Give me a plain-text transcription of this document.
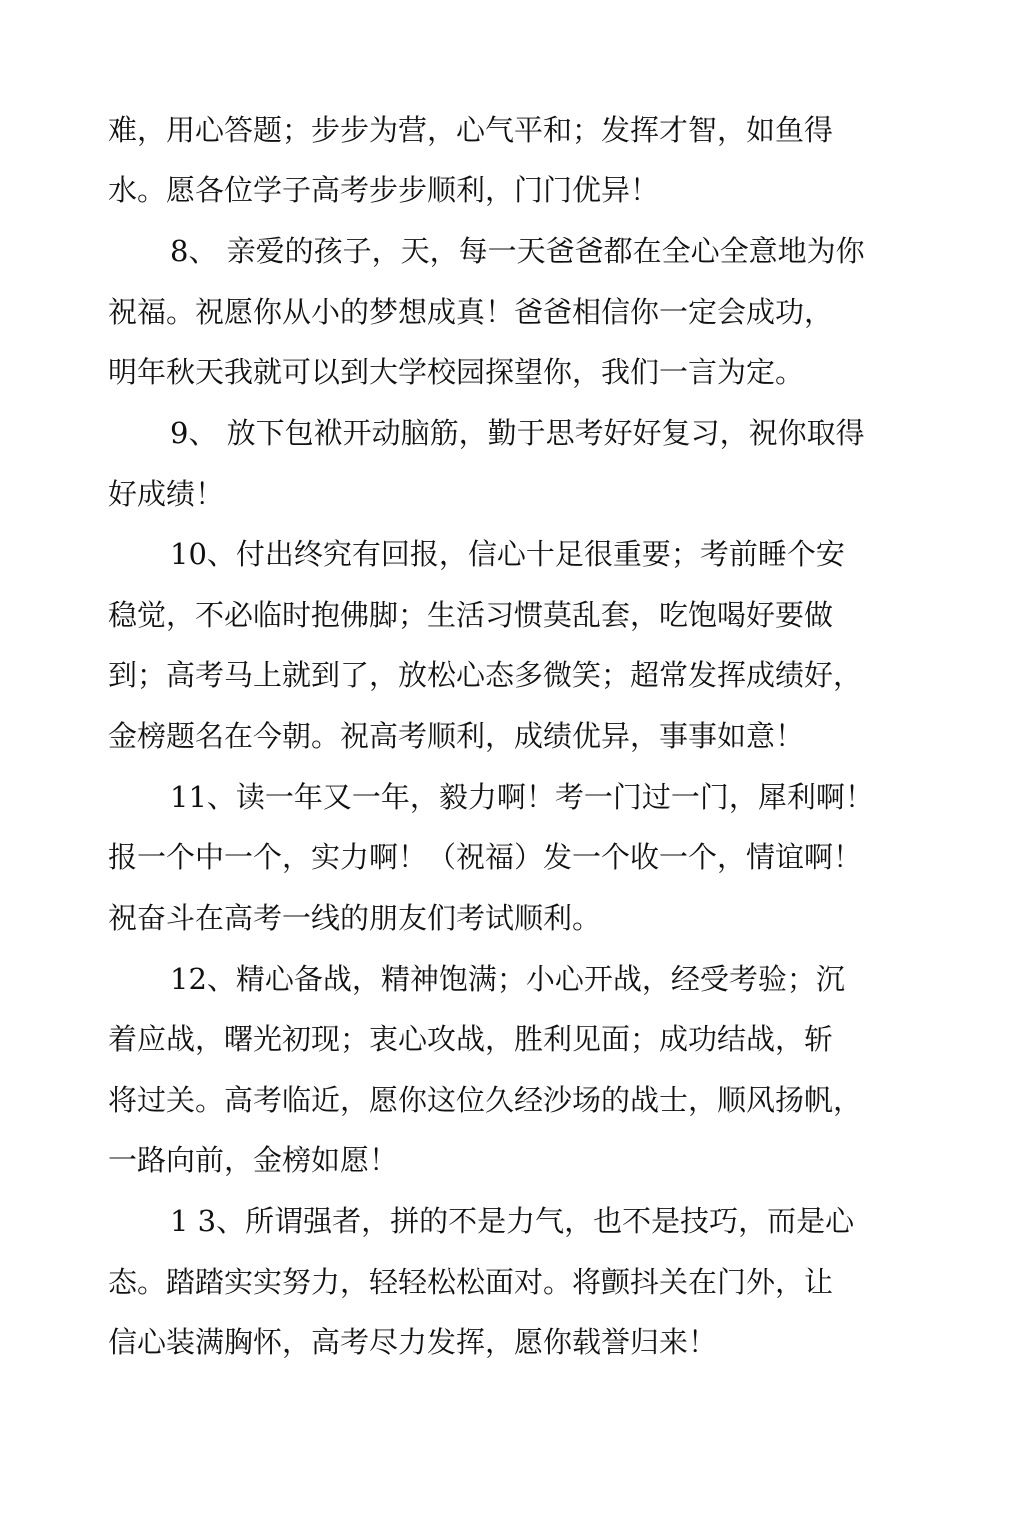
难，用心答题；步步为营，心气平和；发挥才智，如鱼得
水。愿各位学子高考步步顺利，门门优异！
8、 亲爱的孩子，天，每一天爸爸都在全心全意地为你
祝福。祝愿你从小的梦想成真！爸爸相信你一定会成功，
明年秋天我就可以到大学校园探望你，我们一言为定。
9、 放下包袱开动脑筋，勤于思考好好复习，祝你取得
好成绩！
10、付出终究有回报，信心十足很重要；考前睡个安
稳觉，不必临时抱佛脚；生活习惯莫乱套，吃饱喝好要做
到；高考马上就到了，放松心态多微笑；超常发挥成绩好，
金榜题名在今朝。祝高考顺利，成绩优异，事事如意！
11、读一年又一年，毅力啊！考一门过一门，犀利啊！
报一个中一个，实力啊！（祝福）发一个收一个，情谊啊！
祝奋斗在高考一线的朋友们考试顺利。
12、精心备战，精神饱满；小心开战，经受考验；沉
着应战，曙光初现；衷心攻战，胜利见面；成功结战，斩
将过关。高考临近，愿你这位久经沙场的战士，顺风扬帆，
一路向前，金榜如愿！
1 3、所谓强者，拼的不是力气，也不是技巧，而是心
态。踏踏实实努力，轻轻松松面对。将颤抖关在门外，让
信心装满胸怀，高考尽力发挥，愿你载誉归来！
